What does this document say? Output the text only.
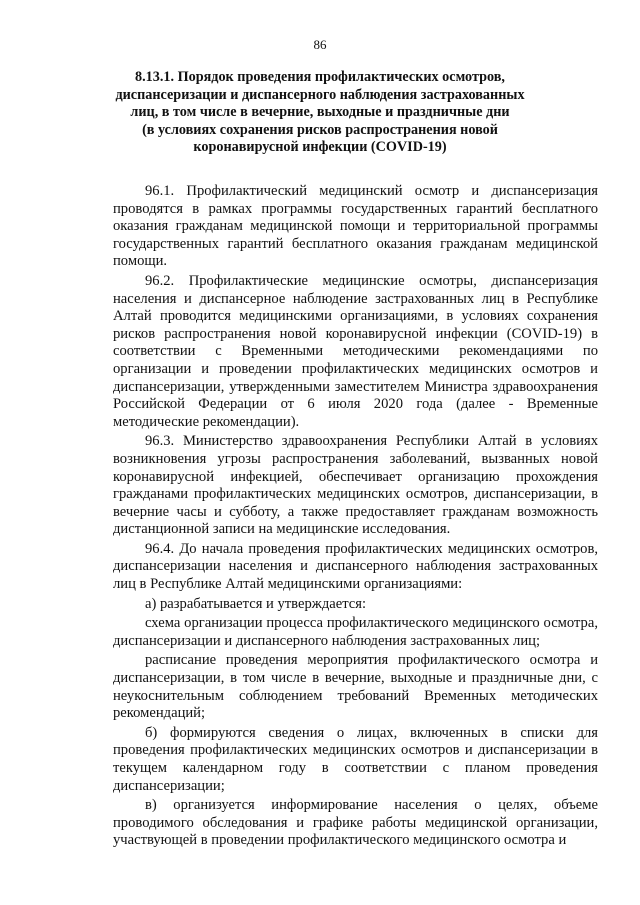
86
8.13.1. Порядок проведения профилактических осмотров,
диспансеризации и диспансерного наблюдения застрахованных
лиц, в том числе в вечерние, выходные и праздничные дни
(в условиях сохранения рисков распространения новой
коронавирусной инфекции (COVID-19)

96.1. Профилактический медицинский осмотр и диспансеризация проводятся в рамках программы государственных гарантий бесплатного оказания гражданам медицинской помощи и территориальной программы государственных гарантий бесплатного оказания гражданам медицинской помощи.

96.2. Профилактические медицинские осмотры, диспансеризация населения и диспансерное наблюдение застрахованных лиц в Республике Алтай проводится медицинскими организациями, в условиях сохранения рисков распространения новой коронавирусной инфекции (COVID-19) в соответствии с Временными методическими рекомендациями по организации и проведении профилактических медицинских осмотров и диспансеризации, утвержденными заместителем Министра здравоохранения Российской Федерации от 6 июля 2020 года (далее - Временные методические рекомендации).

96.3. Министерство здравоохранения Республики Алтай в условиях возникновения угрозы распространения заболеваний, вызванных новой коронавирусной инфекцией, обеспечивает организацию прохождения гражданами профилактических медицинских осмотров, диспансеризации, в вечерние часы и субботу, а также предоставляет гражданам возможность дистанционной записи на медицинские исследования.

96.4. До начала проведения профилактических медицинских осмотров, диспансеризации населения и диспансерного наблюдения застрахованных лиц в Республике Алтай медицинскими организациями:

а) разрабатывается и утверждается:

схема организации процесса профилактического медицинского осмотра, диспансеризации и диспансерного наблюдения застрахованных лиц;

расписание проведения мероприятия профилактического осмотра и диспансеризации, в том числе в вечерние, выходные и праздничные дни, с неукоснительным соблюдением требований Временных методических рекомендаций;

б) формируются сведения о лицах, включенных в списки для проведения профилактических медицинских осмотров и диспансеризации в текущем календарном году в соответствии с планом проведения диспансеризации;

в) организуется информирование населения о целях, объеме проводимого обследования и графике работы медицинской организации, участвующей в проведении профилактического медицинского осмотра и
